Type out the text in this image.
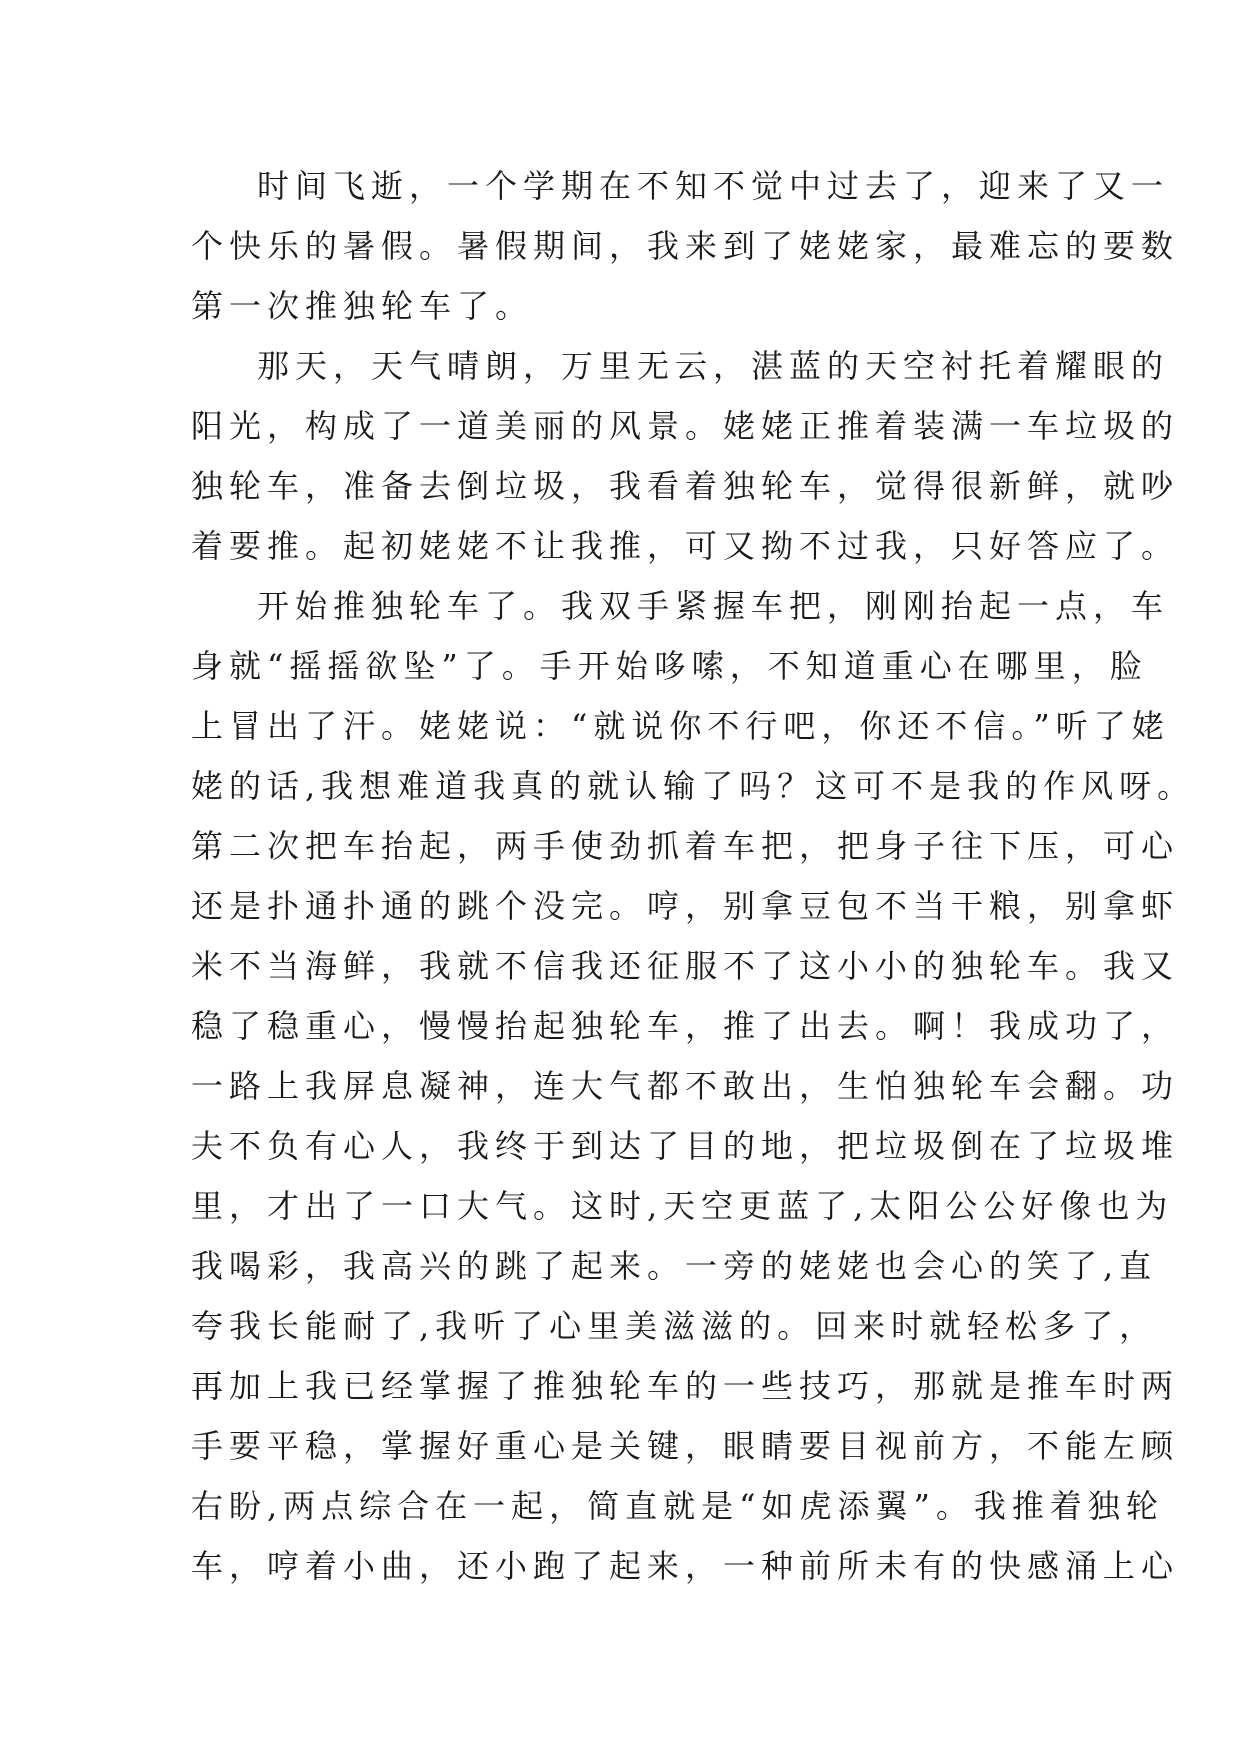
时间飞逝，一个学期在不知不觉中过去了，迎来了又一
个快乐的暑假。暑假期间，我来到了姥姥家，最难忘的要数
第一次推独轮车了。
那天，天气晴朗，万里无云，湛蓝的天空衬托着耀眼的
阳光，构成了一道美丽的风景。姥姥正推着装满一车垃圾的
独轮车，准备去倒垃圾，我看着独轮车，觉得很新鲜，就吵
着要推。起初姥姥不让我推，可又拗不过我，只好答应了。
开始推独轮车了。我双手紧握车把，刚刚抬起一点，车
身就“摇摇欲坠”了。手开始哆嗦，不知道重心在哪里，脸
上冒出了汗。姥姥说：“就说你不行吧，你还不信。”听了姥
姥的话,我想难道我真的就认输了吗？这可不是我的作风呀。
第二次把车抬起，两手使劲抓着车把，把身子往下压，可心
还是扑通扑通的跳个没完。哼，别拿豆包不当干粮，别拿虾
米不当海鲜，我就不信我还征服不了这小小的独轮车。我又
稳了稳重心，慢慢抬起独轮车，推了出去。啊！我成功了，
一路上我屏息凝神，连大气都不敢出，生怕独轮车会翻。功
夫不负有心人，我终于到达了目的地，把垃圾倒在了垃圾堆
里，才出了一口大气。这时,天空更蓝了,太阳公公好像也为
我喝彩，我高兴的跳了起来。一旁的姥姥也会心的笑了,直
夸我长能耐了,我听了心里美滋滋的。回来时就轻松多了，
再加上我已经掌握了推独轮车的一些技巧，那就是推车时两
手要平稳，掌握好重心是关键，眼睛要目视前方，不能左顾
右盼,两点综合在一起，简直就是“如虎添翼”。我推着独轮
车，哼着小曲，还小跑了起来，一种前所未有的快感涌上心
